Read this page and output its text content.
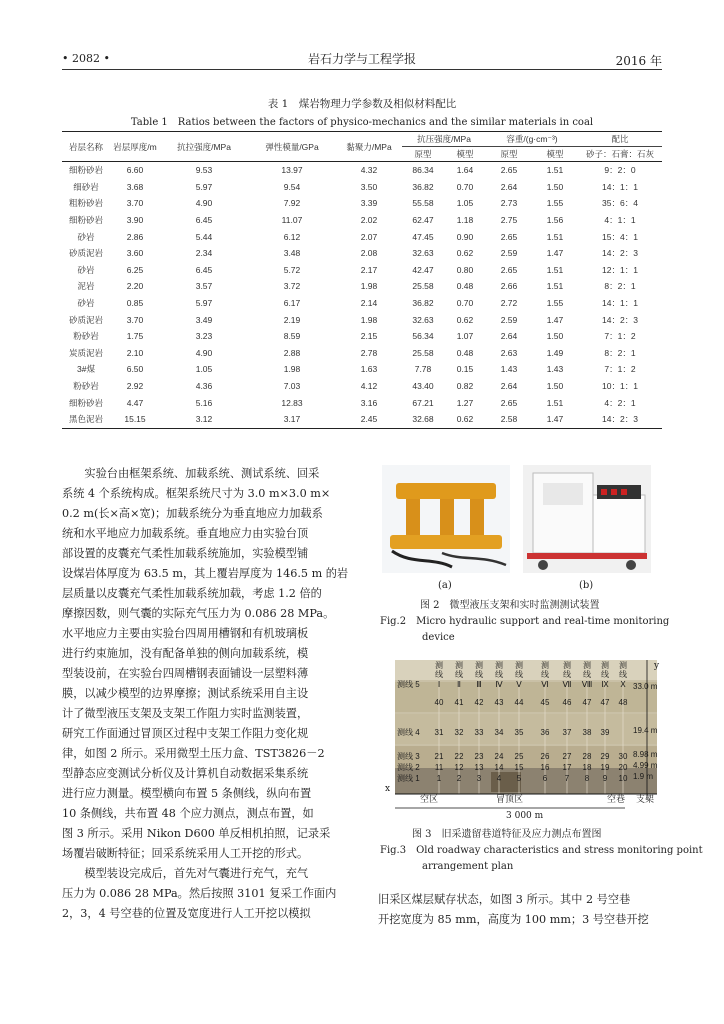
• 2082 •	岩石力学与工程学报	2016 年
表 1　煤岩物理力学参数及相似材料配比
Table 1　Ratios between the factors of physico-mechanics and the similar materials in coal
岩层名称	岩层厚度/m	抗拉强度/MPa	弹性模量/GPa	黏聚力/MPa	抗压强度/MPa		容重/(g·cm⁻³)		配比
					原型	模型	原型	模型	砂子：石膏：石灰
细粉砂岩	6.60	9.53	13.97	4.32	86.34	1.64	2.65	1.51	9：2：0
细砂岩	3.68	5.97	9.54	3.50	36.82	0.70	2.64	1.50	14：1：1
粗粉砂岩	3.70	4.90	7.92	3.39	55.58	1.05	2.73	1.55	35：6：4
细粉砂岩	3.90	6.45	11.07	2.02	62.47	1.18	2.75	1.56	4：1：1
砂岩	2.86	5.44	6.12	2.07	47.45	0.90	2.65	1.51	15：4：1
砂质泥岩	3.60	2.34	3.48	2.08	32.63	0.62	2.59	1.47	14：2：3
砂岩	6.25	6.45	5.72	2.17	42.47	0.80	2.65	1.51	12：1：1
泥岩	2.20	3.57	3.72	1.98	25.58	0.48	2.66	1.51	8：2：1
砂岩	0.85	5.97	6.17	2.14	36.82	0.70	2.72	1.55	14：1：1
砂质泥岩	3.70	3.49	2.19	1.98	32.63	0.62	2.59	1.47	14：2：3
粉砂岩	1.75	3.23	8.59	2.15	56.34	1.07	2.64	1.50	7：1：2
炭质泥岩	2.10	4.90	2.88	2.78	25.58	0.48	2.63	1.49	8：2：1
3#煤	6.50	1.05	1.98	1.63	7.78	0.15	1.43	1.43	7：1：2
粉砂岩	2.92	4.36	7.03	4.12	43.40	0.82	2.64	1.50	10：1：1
细粉砂岩	4.47	5.16	12.83	3.16	67.21	1.27	2.65	1.51	4：2：1
黑色泥岩	15.15	3.12	3.17	2.45	32.68	0.62	2.58	1.47	14：2：3
　　实验台由框架系统、加载系统、测试系统、回采
系统 4 个系统构成。框架系统尺寸为 3.0 m×3.0 m×
0.2 m(长×高×宽)；加载系统分为垂直地应力加载系
统和水平地应力加载系统。垂直地应力由实验台顶
部设置的皮囊充气柔性加载系统施加，实验模型铺
设煤岩体厚度为 63.5 m，其上覆岩厚度为 146.5 m 的岩
层质量以皮囊充气柔性加载系统加载，考虑 1.2 倍的
摩擦因数，则气囊的实际充气压力为 0.086 28 MPa。
水平地应力主要由实验台四周用槽钢和有机玻璃板
进行约束施加，没有配备单独的侧向加载系统，模
型装设前，在实验台四周槽钢表面铺设一层塑料薄
膜，以减少模型的边界摩擦；测试系统采用自主设
计了微型液压支架及支架工作阻力实时监测装置，
研究工作面通过冒顶区过程中支架工作阻力变化规
律，如图 2 所示。采用微型土压力盒、TST3826－2
型静态应变测试分析仪及计算机自动数据采集系统
进行应力测量。模型横向布置 5 条侧线，纵向布置
10 条侧线，共布置 48 个应力测点，测点布置，如
图 3 所示。采用 Nikon D600 单反相机拍照，记录采
场覆岩破断特征；回采系统采用人工开挖的形式。
　　模型装设完成后，首先对气囊进行充气，充气
压力为 0.086 28 MPa。然后按照 3101 复采工作面内
2，3，4 号空巷的位置及宽度进行人工开挖以模拟
(a)	(b)
图 2　微型液压支架和实时监测测试装置
Fig.2　Micro hydraulic support and real-time monitoring
device
测
线
Ⅰ
测
线
Ⅱ
测
线
Ⅲ
测
线
Ⅳ
测
线
Ⅴ
测
线
Ⅵ
测
线
Ⅶ
测
线
Ⅷ
测
线
Ⅸ
测
线
Ⅹ
40 41 42 43 44 45 46 47 47 48
31 32 33 34 35 36 37 38 39
21 22 23 24 25 26 27 28 29 30
11 12 13 14 15 16 17 18 19 20
1 2 3 4 5	6 7 8 9 10
测线 5
测线 4
测线 3
测线 2
测线 1
33.0 m
19.4 m
8.98 m
4.99 m
1.9 m
x
y
空区	冒顶区	空巷 支架
3 000 m
图 3　旧采遗留巷道特征及应力测点布置图
Fig.3　Old roadway characteristics and stress monitoring point
arrangement plan
旧采区煤层赋存状态，如图 3 所示。其中 2 号空巷
开挖宽度为 85 mm，高度为 100 mm；3 号空巷开挖
